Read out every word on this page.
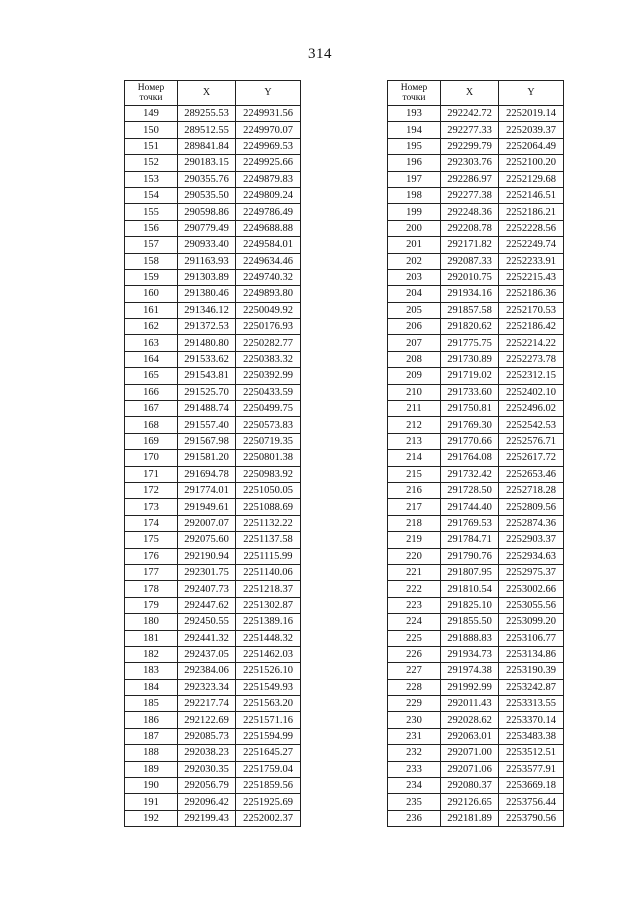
314
Номер
точки	X	Y
149	289255.53	2249931.56
150	289512.55	2249970.07
151	289841.84	2249969.53
152	290183.15	2249925.66
153	290355.76	2249879.83
154	290535.50	2249809.24
155	290598.86	2249786.49
156	290779.49	2249688.88
157	290933.40	2249584.01
158	291163.93	2249634.46
159	291303.89	2249740.32
160	291380.46	2249893.80
161	291346.12	2250049.92
162	291372.53	2250176.93
163	291480.80	2250282.77
164	291533.62	2250383.32
165	291543.81	2250392.99
166	291525.70	2250433.59
167	291488.74	2250499.75
168	291557.40	2250573.83
169	291567.98	2250719.35
170	291581.20	2250801.38
171	291694.78	2250983.92
172	291774.01	2251050.05
173	291949.61	2251088.69
174	292007.07	2251132.22
175	292075.60	2251137.58
176	292190.94	2251115.99
177	292301.75	2251140.06
178	292407.73	2251218.37
179	292447.62	2251302.87
180	292450.55	2251389.16
181	292441.32	2251448.32
182	292437.05	2251462.03
183	292384.06	2251526.10
184	292323.34	2251549.93
185	292217.74	2251563.20
186	292122.69	2251571.16
187	292085.73	2251594.99
188	292038.23	2251645.27
189	292030.35	2251759.04
190	292056.79	2251859.56
191	292096.42	2251925.69
192	292199.43	2252002.37
Номер
точки	X	Y
193	292242.72	2252019.14
194	292277.33	2252039.37
195	292299.79	2252064.49
196	292303.76	2252100.20
197	292286.97	2252129.68
198	292277.38	2252146.51
199	292248.36	2252186.21
200	292208.78	2252228.56
201	292171.82	2252249.74
202	292087.33	2252233.91
203	292010.75	2252215.43
204	291934.16	2252186.36
205	291857.58	2252170.53
206	291820.62	2252186.42
207	291775.75	2252214.22
208	291730.89	2252273.78
209	291719.02	2252312.15
210	291733.60	2252402.10
211	291750.81	2252496.02
212	291769.30	2252542.53
213	291770.66	2252576.71
214	291764.08	2252617.72
215	291732.42	2252653.46
216	291728.50	2252718.28
217	291744.40	2252809.56
218	291769.53	2252874.36
219	291784.71	2252903.37
220	291790.76	2252934.63
221	291807.95	2252975.37
222	291810.54	2253002.66
223	291825.10	2253055.56
224	291855.50	2253099.20
225	291888.83	2253106.77
226	291934.73	2253134.86
227	291974.38	2253190.39
228	291992.99	2253242.87
229	292011.43	2253313.55
230	292028.62	2253370.14
231	292063.01	2253483.38
232	292071.00	2253512.51
233	292071.06	2253577.91
234	292080.37	2253669.18
235	292126.65	2253756.44
236	292181.89	2253790.56
